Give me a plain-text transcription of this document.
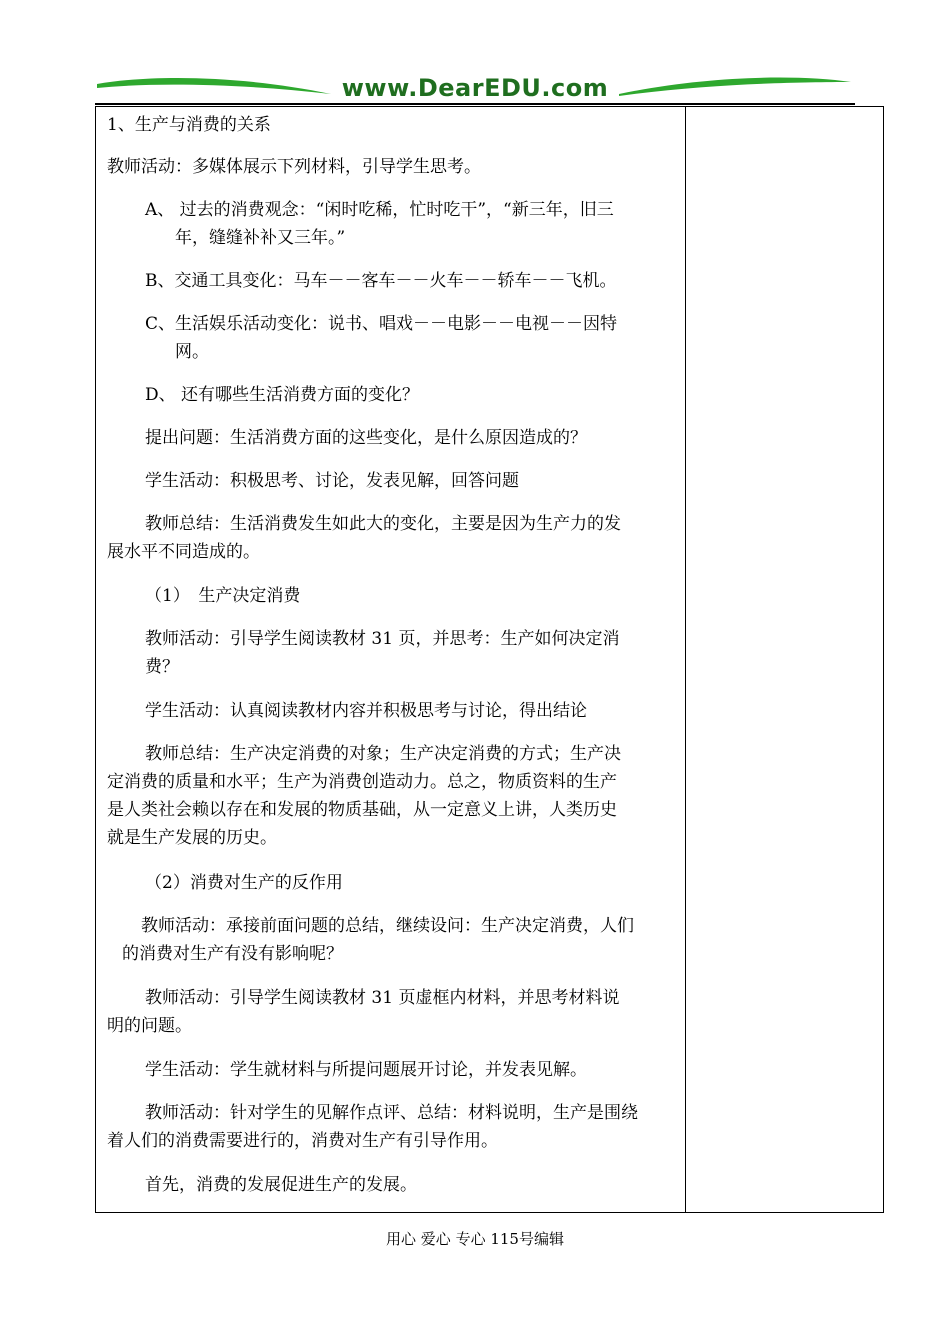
www.DearEDU.com
1、生产与消费的关系
教师活动：多媒体展示下列材料，引导学生思考。
A、 过去的消费观念：“闲时吃稀，忙时吃干”，“新三年，旧三
年，缝缝补补又三年。”
B、交通工具变化：马车－－客车－－火车－－轿车－－飞机。
C、生活娱乐活动变化：说书、唱戏－－电影－－电视－－因特
网。
D、 还有哪些生活消费方面的变化？
提出问题：生活消费方面的这些变化，是什么原因造成的？
学生活动：积极思考、讨论，发表见解，回答问题
教师总结：生活消费发生如此大的变化，主要是因为生产力的发
展水平不同造成的。
（1）　生产决定消费
教师活动：引导学生阅读教材 31 页，并思考：生产如何决定消
费？
学生活动：认真阅读教材内容并积极思考与讨论，得出结论
教师总结：生产决定消费的对象；生产决定消费的方式；生产决
定消费的质量和水平；生产为消费创造动力。总之，物质资料的生产
是人类社会赖以存在和发展的物质基础，从一定意义上讲，人类历史
就是生产发展的历史。
（2）消费对生产的反作用
教师活动：承接前面问题的总结，继续设问：生产决定消费，人们
的消费对生产有没有影响呢？
教师活动：引导学生阅读教材 31 页虚框内材料，并思考材料说
明的问题。
学生活动：学生就材料与所提问题展开讨论，并发表见解。
教师活动：针对学生的见解作点评、总结：材料说明，生产是围绕
着人们的消费需要进行的，消费对生产有引导作用。
首先，消费的发展促进生产的发展。
用心 爱心 专心 115号编辑
